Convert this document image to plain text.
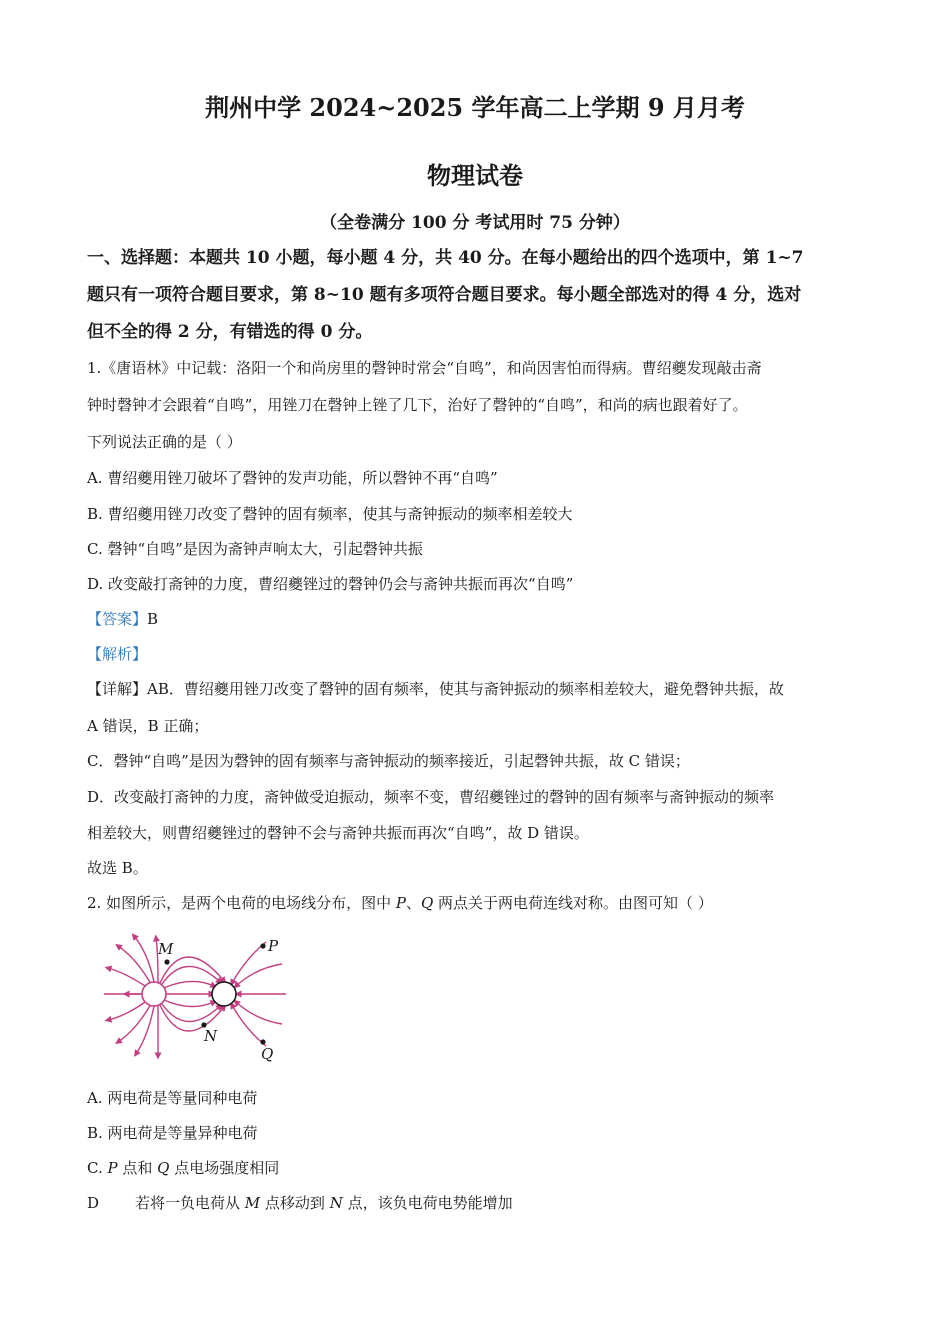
荆州中学 2024~2025 学年高二上学期 9 月月考
物理试卷
（全卷满分 100 分 考试用时 75 分钟）
一、选择题：本题共 10 小题，每小题 4 分，共 40 分。在每小题给出的四个选项中，第 1~7
题只有一项符合题目要求，第 8~10 题有多项符合题目要求。每小题全部选对的得 4 分，选对
但不全的得 2 分，有错选的得 0 分。
1.《唐语林》中记载：洛阳一个和尚房里的磬钟时常会“自鸣”，和尚因害怕而得病。曹绍夔发现敲击斋
钟时磬钟才会跟着“自鸣”，用锉刀在磬钟上锉了几下，治好了磬钟的“自鸣”，和尚的病也跟着好了。
下列说法正确的是（ ）
A. 曹绍夔用锉刀破坏了磬钟的发声功能，所以磬钟不再“自鸣”
B. 曹绍夔用锉刀改变了磬钟的固有频率，使其与斋钟振动的频率相差较大
C. 磬钟“自鸣”是因为斋钟声响太大，引起磬钟共振
D. 改变敲打斋钟的力度，曹绍夔锉过的磬钟仍会与斋钟共振而再次“自鸣”
【答案】B
【解析】
【详解】AB．曹绍夔用锉刀改变了磬钟的固有频率，使其与斋钟振动的频率相差较大，避免磬钟共振，故
A 错误，B 正确；
C．磬钟“自鸣”是因为磬钟的固有频率与斋钟振动的频率接近，引起磬钟共振，故 C 错误；
D．改变敲打斋钟的力度，斋钟做受迫振动，频率不变，曹绍夔锉过的磬钟的固有频率与斋钟振动的频率
相差较大，则曹绍夔锉过的磬钟不会与斋钟共振而再次“自鸣”，故 D 错误。
故选 B。
2. 如图所示，是两个电荷的电场线分布，图中 P、Q 两点关于两电荷连线对称。由图可知（ ）
M	P
N
Q
A. 两电荷是等量同种电荷
B. 两电荷是等量异种电荷
C. P 点和 Q 点电场强度相同
D 若将一负电荷从 M 点移动到 N 点，该负电荷电势能增加
